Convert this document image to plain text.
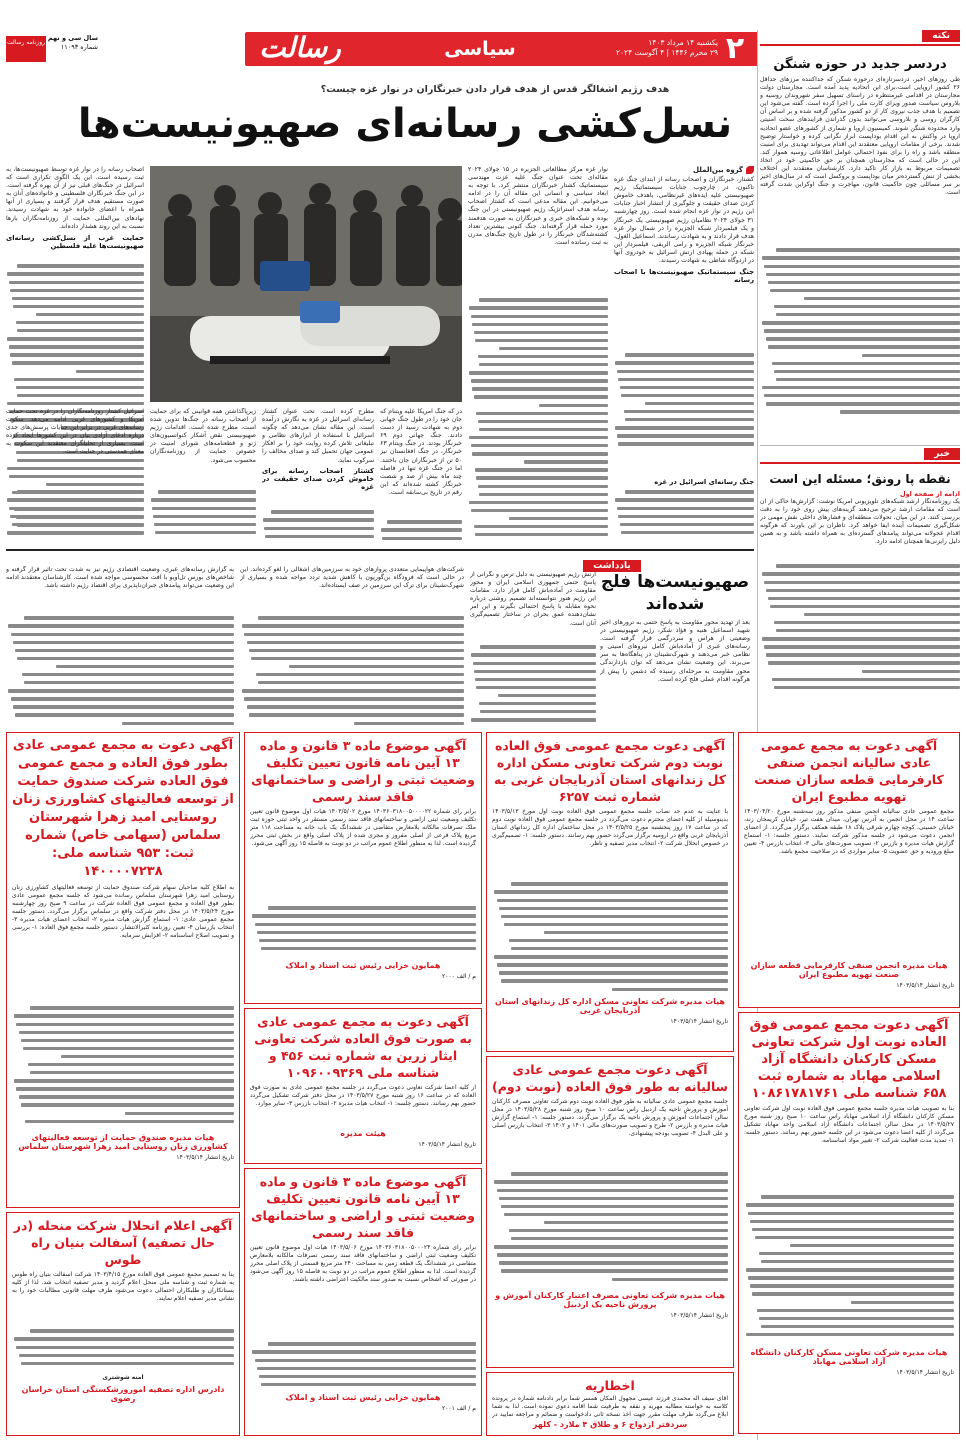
۲
یکشنبه ۱۴ مرداد ۱۴۰۳
۲۹ محرم ۱۴۴۶ | ۴ آگوست ۲۰۲۴
سیاسی
رسالت
سال سی و نهم
شماره ۱۱۰۹۳
روزنامه رسالت
نکته
دردسر جدید در حوزه شنگن

طی روزهای اخیر، دردسرتازه‌ای درحوزه شنگن که جداکننده مرزهای حداقل ۲۶ کشور اروپایی است،برای این اتحادیه پدید آمده است. مجارستان دولت مجارستان در اقدامی غیرمنتظره در راستای تسهیل سفر شهروندان روسیه و بلاروس سیاست صدور ویزای کارت ملی را اجرا کرده است. گفته می‌شود این تصمیم با هدف جذب نیروی کار از دو کشور مذکور گرفته شده و بر اساس آن کارگران روسی و بلاروسی می‌توانند بدون گذراندن فرایندهای سخت امنیتی وارد محدوده شنگن شوند. کمیسیون اروپا و شماری از کشورهای عضو اتحادیه اروپا در واکنش به این اقدام بوداپست ابراز نگرانی کرده و خواستار توضیح شدند. برخی از مقامات اروپایی معتقدند این اقدام می‌تواند تهدیدی برای امنیت منطقه باشد و راه را برای نفوذ احتمالی عوامل اطلاعاتی روسیه هموار کند. این در حالی است که مجارستان همچنان بر حق حاکمیتی خود در اتخاذ تصمیمات مربوط به بازار کار تاکید دارد. کارشناسان معتقدند این اختلاف بخشی از تنش گسترده‌تر میان بوداپست و بروکسل است که در سال‌های اخیر بر سر مسائلی چون حاکمیت قانون، مهاجرت و جنگ اوکراین شدت گرفته است.

خبر
نقطه پا رونق؛ مسئله این است
ادامه از صفحه اول

یک روزنامه‌نگار ارشد شبکه‌های تلویزیونی آمریکا نوشت: گزارش‌ها حاکی از آن است که مقامات ارشد ترجیح می‌دهند گزینه‌های پیش روی خود را به دقت بررسی کنند. در این میان، تحولات منطقه‌ای و فشارهای داخلی نقش مهمی در شکل‌گیری تصمیمات آینده ایفا خواهد کرد. ناظران بر این باورند که هرگونه اقدام عجولانه می‌تواند پیامدهای گسترده‌ای به همراه داشته باشد و به همین دلیل رایزنی‌ها همچنان ادامه دارد.

هدف رژیم اشغالگر قدس از هدف قرار دادن خبرنگاران در نوار غزه چیست؟
نسل‌کشی رسانه‌ای صهیونیست‌ها
گروه بین‌الملل

کشتار، خبرنگاران و اصحاب رسانه از ابتدای جنگ غزه تاکنون، در چارچوب جنایات سیستماتیک رژیم صهیونیستی علیه ایده‌های غیرنظامی، باهدف خاموش کردن صدای حقیقت و جلوگیری از انتشار اخبار جنایات این رژیم در نوار غزه انجام شده است. روز چهارشنبه ۳۱ جولای ۲۰۲۴ نظامیان رژیم صهیونیستی یک خبرنگار و یک فیلمبردار شبکه الجزیره را در شمال نوار غزه هدف قرار دادند و به شهادت رساندند. اسماعیل الغول، خبرنگار شبکه الجزیره و رامی الریفی، فیلمبردار این شبکه در حمله پهپادی ارتش اسرائیل به خودروی آنها در اردوگاه شاطی به شهادت رسیدند.

جنگ سیستماتیک صهیونیست‌ها با اصحاب رسانه
جنگ رسانه‌ای اسرائیل در غزه

نوار غزه مرکز مطالعاتی الجزیره در ۱۵ جولای ۲۰۲۴ مقاله‌ای تحت عنوان جنگ علیه عزت مهندسی سیستماتیک کشتار خبرنگاران منتشر کرد. با توجه به ابعاد سیاسی و انسانی این مقاله آن را در ادامه می‌خوانیم. این مقاله مدعی است که کشتار اصحاب رسانه هدف استراتژیک رژیم صهیونیستی در این جنگ بوده و شبکه‌های خبری و خبرنگاران به صورت هدفمند مورد حمله قرار گرفته‌اند. جنگ کنونی بیشترین تعداد کشته‌شدگان خبرنگار را در طول تاریخ جنگ‌های مدرن به ثبت رسانده است.

اصحاب رسانه را در نوار غزه توسط صهیونیست‌ها، به ثبت رسیده است. این یک الگوی تکراری است که اسرائیل در جنگ‌های قبلی نیز از آن بهره گرفته است. در این جنگ خبرنگاران فلسطینی و خانواده‌های آنان به صورت مستقیم هدف قرار گرفتند و بسیاری از آنها همراه با اعضای خانواده خود به شهادت رسیدند. نهادهای بین‌المللی حمایت از روزنامه‌نگاران بارها نسبت به این روند هشدار داده‌اند.

حمایت غرب از نسل‌کشی رسانه‌ای صهیونیست‌ها علیه فلسطین

در که جنگ آمریکا علیه ویتنام که جان خود را در طول جنگ جهانی دوم به شهادت رسید از دست دادند. جنگ جهانی دوم ۶۹ خبرنگار بودند. در جنگ ویتنام ۶۳ خبرنگار، در جنگ افغانستان نیز ۵۰ تن از خبرنگاران جان باختند. اما در جنگ غزه تنها در فاصله چند ماه بیش از صد و شصت خبرنگار کشته شده‌اند که این رقم در تاریخ بی‌سابقه است.

مطرح کرده است. تحت عنوان کشتار رسانه‌ای اسرائیل در غزه به نگارش درآمده است. این مقاله نشان می‌دهد که چگونه اسرائیل با استفاده از ابزارهای نظامی و تبلیغاتی تلاش کرده روایت خود را بر افکار عمومی جهان تحمیل کند و صدای مخالف را سرکوب نماید.

کشتار اصحاب رسانه برای خاموش کردن صدای حقیقت در غزه

زیرپاگذاشتن همه قوانینی که برای حمایت از اصحاب رسانه در جنگ‌ها تدوین شده است، مطرح شده است. اقدامات رژیم صهیونیستی نقض آشکار کنوانسیون‌های ژنو و قطعنامه‌های شورای امنیت در خصوص حمایت از روزنامه‌نگاران محسوب می‌شود.

اسرائیل کشتار روزنامه‌نگاران را در غزه تحت حمایت آمریکا و کشورهای غربی ادامه می‌دهد. سکوت رسانه‌های غربی در برابر این جنایات پرسش‌های جدی درباره ادعای آزادی بیان در این کشورها ایجاد کرده است. بسیاری از تحلیلگران معتقدند این سکوت به معنای همدستی در جنایت است.

یادداشت
صهیونیست‌ها فلج شده‌اند

بعد از تهدید محور مقاومت به پاسخ حتمی به ترورهای اخیر شهید اسماعیل هنیه و فؤاد شکر، رژیم صهیونیستی در وضعیتی از هراس و سردرگمی قرار گرفته است. رسانه‌های عبری از آماده‌باش کامل نیروهای امنیتی و نظامی خبر می‌دهند و شهرک‌نشینان در پناهگاه‌ها به سر می‌برند. این وضعیت نشان می‌دهد که توان بازدارندگی محور مقاومت به مرحله‌ای رسیده که دشمن را پیش از هرگونه اقدام عملی فلج کرده است.

ارتش رژیم صهیونیستی به دلیل ترس و نگرانی از پاسخ حتمی جمهوری اسلامی ایران و محور مقاومت در آماده‌باش کامل قرار دارد. مقامات این رژیم هنوز نتوانسته‌اند تصمیم روشنی درباره نحوه مقابله با پاسخ احتمالی بگیرند و این امر نشان‌دهنده عمق بحران در ساختار تصمیم‌گیری آنان است.

شرکت‌های هواپیمایی متعددی پروازهای خود به سرزمین‌های اشغالی را لغو کرده‌اند. این در حالی است که فرودگاه بن‌گوریون با کاهش شدید تردد مواجه شده و بسیاری از شهرک‌نشینان برای ترک این سرزمین در صف ایستاده‌اند.

به گزارش رسانه‌های عبری، وضعیت اقتصادی رژیم نیز به شدت تحت تاثیر قرار گرفته و شاخص‌های بورس تل‌آویو با افت محسوسی مواجه شده است. کارشناسان معتقدند ادامه این وضعیت می‌تواند پیامدهای جبران‌ناپذیری برای اقتصاد رژیم داشته باشد.

آگهی دعوت به مجمع عمومی عادی سالیانه انجمن صنفی کارفرمایی قطعه سازان صنعت تهویه مطبوع ایران
مجمع عمومی عادی سالیانه انجمن صنفی مذکور روز سه‌شنبه مورخ ۱۴۰۳/۰۴/۲۰ ساعت ۱۴ در محل انجمن به آدرس تهران، میدان هفت تیر، خیابان کریمخان زند، خیابان حسینی، کوچه چهارم شرقی پلاک ۱۸ طبقه همکف برگزار می‌گردد. از اعضای انجمن دعوت می‌شود در جلسه مذکور شرکت نمایند. دستور جلسه: ۱- استماع گزارش هیات مدیره و بازرس ۲- تصویب صورت‌های مالی ۳- انتخاب بازرس ۴- تعیین مبلغ ورودیه و حق عضویت ۵- سایر مواردی که در صلاحیت مجمع باشد.
هیات مدیره انجمن صنفی کارفرمایی قطعه سازان صنعت تهویه مطبوع ایران
تاریخ انتشار ۱۴۰۳/۵/۱۴
آگهی دعوت مجمع عمومی فوق العاده نوبت اول شرکت تعاونی مسکن کارکنان دانشگاه آزاد اسلامی مهاباد به شماره ثبت ۶۵۸ شناسه ملی ۱۰۸۶۱۷۸۱۷۶۱

بنا به تصویب هیات مدیره جلسه مجمع عمومی فوق العاده نوبت اول شرکت تعاونی مسکن کارکنان دانشگاه آزاد اسلامی مهاباد راس ساعت ۱۰ صبح روز شنبه مورخ ۱۴۰۳/۵/۲۷ در محل سالن اجتماعات دانشگاه آزاد اسلامی واحد مهاباد تشکیل می‌گردد از کلیه اعضا دعوت می‌شود در این جلسه حضور بهم رسانند. دستور جلسه: ۱- تمدید مدت فعالیت شرکت ۲- تغییر مواد اساسنامه.

هیات مدیره شرکت تعاونی مسکن کارکنان دانشگاه آزاد اسلامی مهاباد
تاریخ انتشار ۱۴۰۳/۵/۱۴
آگهی دعوت مجمع عمومی فوق العاده نوبت دوم شرکت تعاونی مسکن اداره کل زندانهای استان آذربایجان غربی به شماره ثبت ۶۲۵۷

با عنایت به عدم حد نصاب جلسه مجمع عمومی فوق العاده نوبت اول مورخ ۱۴۰۳/۵/۱۳ بدینوسیله از کلیه اعضای محترم دعوت می‌گردد در جلسه مجمع عمومی فوق العاده نوبت دوم که در ساعت ۱۷ روز پنجشنبه مورخ ۱۴۰۳/۵/۲۵ در محل ساختمان اداره کل زندانهای استان آذربایجان غربی واقع در ارومیه برگزار می‌گردد حضور بهم رسانند. دستور جلسه: ۱- تصمیم‌گیری در خصوص انحلال شرکت ۲- انتخاب مدیر تصفیه و ناظر.

هیات مدیره شرکت تعاونی مسکن اداره کل زندانهای استان آذربایجان غربی
تاریخ انتشار ۱۴۰۳/۵/۱۴
آگهی دعوت مجمع عمومی عادی سالیانه به طور فوق العاده (نوبت دوم)

جلسه مجمع عمومی عادی سالیانه به طور فوق العاده نوبت دوم شرکت تعاونی مصرف کارکنان آموزش و پرورش ناحیه یک اردبیل راس ساعت ۱۰ صبح روز شنبه مورخ ۱۴۰۳/۵/۲۸ در محل سالن اجتماعات آموزش و پرورش ناحیه یک برگزار می‌گردد. دستور جلسه: ۱- استماع گزارش هیات مدیره و بازرس ۲- طرح و تصویب صورت‌های مالی ۱۴۰۱ و ۱۴۰۲ ۳- انتخاب بازرس اصلی و علی البدل ۴- تصویب بودجه پیشنهادی.

هیات مدیره شرکت تعاونی مصرف اعتبار کارکنان آموزش و پرورش ناحیه یک اردبیل
تاریخ انتشار ۱۴۰۳/۵/۱۴
اخطاریه
آقای سیف اله محمدی فرزند عیسی مجهول المکان همسر شما برابر دادنامه شماره در پرونده کلاسه به خواسته مطالبه مهریه و نفقه به طرفیت شما اقامه دعوی نموده است. لذا به شما ابلاغ می‌گردد ظرف مهلت مقرر جهت اخذ نسخه ثانی دادخواست و ضمائم و مراجعه نمایید در
سردفتر ازدواج ۶ و طلاق ۴ ملارد - کلهر
آگهی موضوع ماده ۳ قانون و ماده ۱۳ آیین نامه قانون تعیین تکلیف وضعیت ثبتی و اراضی و ساختمانهای فاقد سند رسمی

برابر رای شماره ۱۴۰۳۶۰۳۱۸۰۰۵۰۰۰۰۲۲ مورخ ۱۴۰۳/۵/۰۲ هیات اول موضوع قانون تعیین تکلیف وضعیت ثبتی اراضی و ساختمانهای فاقد سند رسمی مستقر در واحد ثبتی حوزه ثبت ملک تصرفات مالکانه بلامعارض متقاضی در ششدانگ یک باب خانه به مساحت ۱۱۸ متر مربع پلاک فرعی از اصلی مفروز و مجزی شده از پلاک اصلی واقع در بخش ثبتی محرز گردیده است. لذا به منظور اطلاع عموم مراتب در دو نوبت به فاصله ۱۵ روز آگهی می‌شود.

همایون خزایی رئیس ثبت اسناد و املاک
م / الف ۲۰۰۰
آگهی دعوت به مجمع عمومی عادی به صورت فوق العاده شرکت تعاونی ایثار زرین به شماره ثبت ۴۵۶ و شناسه ملی ۱۰۹۶۰۰۹۳۶۹
از کلیه اعضا شرکت تعاونی دعوت می‌گردد در جلسه مجمع عمومی عادی به صورت فوق العاده که در ساعت ۱۶ روز شنبه مورخ ۱۴۰۳/۵/۲۷ در محل دفتر شرکت تشکیل می‌گردد حضور بهم رسانند. دستور جلسه: ۱- انتخاب هیات مدیره ۲- انتخاب بازرس ۳- سایر موارد.
هیئت مدیره
تاریخ انتشار ۱۴۰۳/۵/۱۴
آگهی موضوع ماده ۳ قانون و ماده ۱۳ آیین نامه قانون تعیین تکلیف وضعیت ثبتی و اراضی و ساختمانهای فاقد سند رسمی

برابر رای شماره ۱۴۰۳۶۰۳۱۸۰۰۵۰۰۰۲۴ مورخ ۱۴۰۳/۵/۰۶ هیات اول موضوع قانون تعیین تکلیف وضعیت ثبتی اراضی و ساختمانهای فاقد سند رسمی تصرفات مالکانه بلامعارض متقاضی در ششدانگ یک قطعه زمین به مساحت ۲۴۰ متر مربع قسمتی از پلاک اصلی محرز گردیده است. لذا به منظور اطلاع عموم مراتب در دو نوبت به فاصله ۱۵ روز آگهی می‌شود در صورتی که اشخاص نسبت به صدور سند مالکیت اعتراضی داشته باشند.

همایون خزایی رئیس ثبت اسناد و املاک
م / الف ۲۰۰۱
آگهی دعوت به مجمع عمومی عادی بطور فوق العاده و مجمع عمومی فوق العاده شرکت صندوق حمایت از توسعه فعالیتهای کشاورزی زنان روستایی امید زهرا شهرستان سلماس (سهامی خاص) شماره ثبت: ۹۵۳ شناسه ملی: ۱۴۰۰۰۰۷۲۳۸

به اطلاع کلیه صاحبان سهام شرکت صندوق حمایت از توسعه فعالیتهای کشاورزی زنان روستایی امید زهرا شهرستان سلماس رسانده می‌شود که جلسه مجمع عمومی عادی بطور فوق العاده و مجمع عمومی فوق العاده شرکت در ساعت ۹ صبح روز چهارشنبه مورخ ۱۴۰۳/۵/۲۴ در محل دفتر شرکت واقع در سلماس برگزار می‌گردد. دستور جلسه مجمع عمومی عادی: ۱- استماع گزارش هیات مدیره ۲- انتخاب اعضای هیات مدیره ۳- انتخاب بازرسان ۴- تعیین روزنامه کثیرالانتشار. دستور جلسه مجمع فوق العاده: ۱- بررسی و تصویب اصلاح اساسنامه ۲- افزایش سرمایه.

هیات مدیره صندوق حمایت از توسعه فعالیتهای کشاورزی زنان روستایی امید زهرا شهرستان سلماس
تاریخ انتشار ۱۴۰۳/۵/۱۴
آگهی اعلام انحلال شرکت منحله (در حال تصفیه) آسفالت بنیان راه طوس

بنا به تصمیم مجمع عمومی فوق العاده مورخ ۱۴۰۳/۴/۱۵ شرکت آسفالت بنیان راه طوس به شماره ثبت و شناسه ملی منحل اعلام گردید و مدیر تصفیه انتخاب شد. لذا از کلیه بستانکاران و طلبکاران احتمالی دعوت می‌شود ظرف مهلت قانونی مطالبات خود را به نشانی مدیر تصفیه اعلام نمایند.

آمنه شوشتری
دادرس اداره تصفیه امورورشکستگی استان خراسان رضوی
